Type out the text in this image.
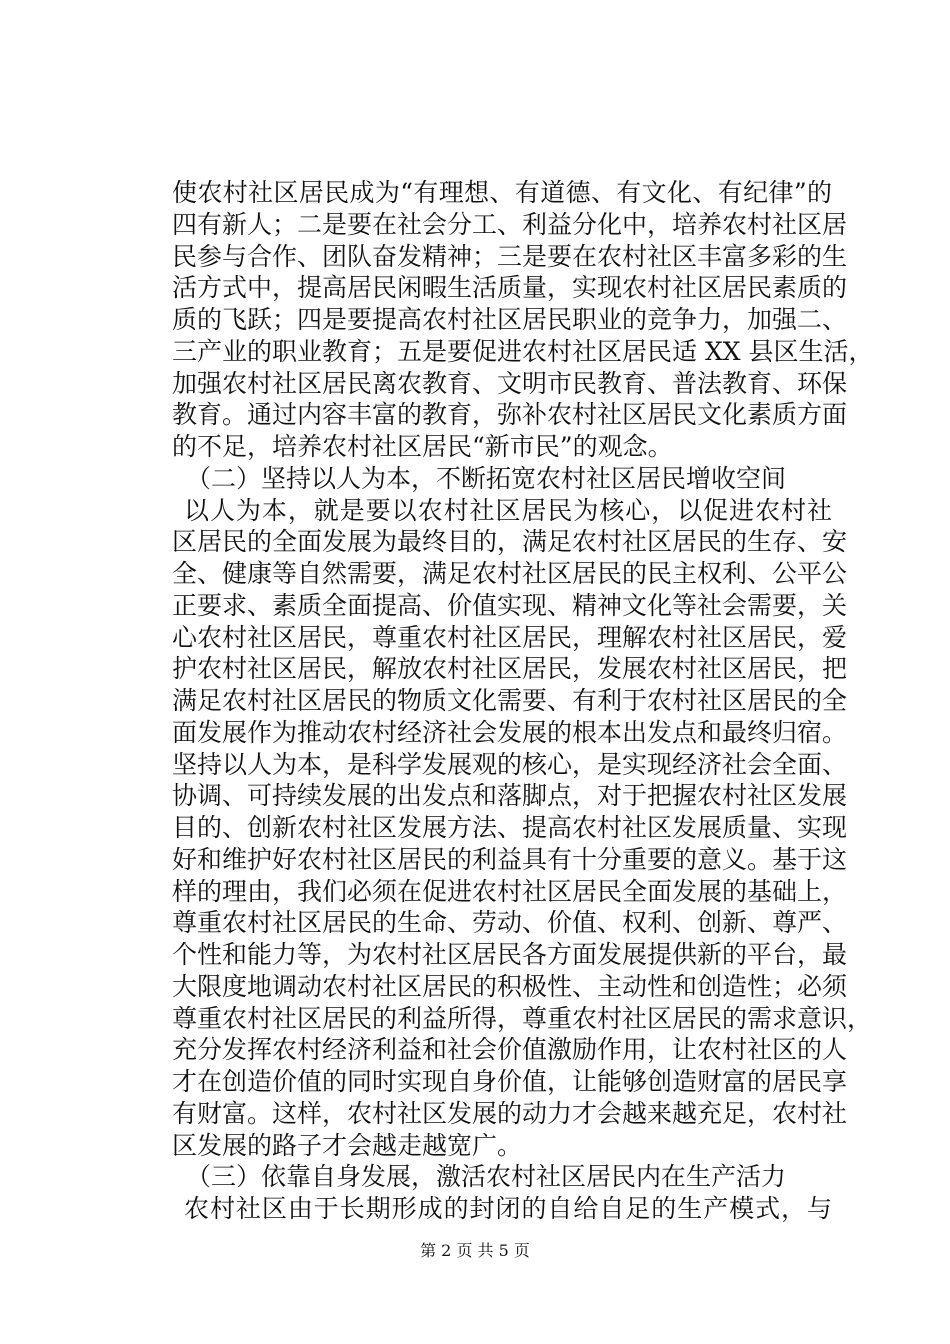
使农村社区居民成为“有理想、有道德、有文化、有纪律”的
四有新人；二是要在社会分工、利益分化中，培养农村社区居
民参与合作、团队奋发精神；三是要在农村社区丰富多彩的生
活方式中，提高居民闲暇生活质量，实现农村社区居民素质的
质的飞跃；四是要提高农村社区居民职业的竞争力，加强二、
三产业的职业教育；五是要促进农村社区居民适 XX 县区生活，
加强农村社区居民离农教育、文明市民教育、普法教育、环保
教育。通过内容丰富的教育，弥补农村社区居民文化素质方面
的不足，培养农村社区居民“新市民”的观念。
（二）坚持以人为本，不断拓宽农村社区居民增收空间
以人为本，就是要以农村社区居民为核心，以促进农村社
区居民的全面发展为最终目的，满足农村社区居民的生存、安
全、健康等自然需要，满足农村社区居民的民主权利、公平公
正要求、素质全面提高、价值实现、精神文化等社会需要，关
心农村社区居民，尊重农村社区居民，理解农村社区居民，爱
护农村社区居民，解放农村社区居民，发展农村社区居民，把
满足农村社区居民的物质文化需要、有利于农村社区居民的全
面发展作为推动农村经济社会发展的根本出发点和最终归宿。
坚持以人为本，是科学发展观的核心，是实现经济社会全面、
协调、可持续发展的出发点和落脚点，对于把握农村社区发展
目的、创新农村社区发展方法、提高农村社区发展质量、实现
好和维护好农村社区居民的利益具有十分重要的意义。基于这
样的理由，我们必须在促进农村社区居民全面发展的基础上，
尊重农村社区居民的生命、劳动、价值、权利、创新、尊严、
个性和能力等，为农村社区居民各方面发展提供新的平台，最
大限度地调动农村社区居民的积极性、主动性和创造性；必须
尊重农村社区居民的利益所得，尊重农村社区居民的需求意识，
充分发挥农村经济利益和社会价值激励作用，让农村社区的人
才在创造价值的同时实现自身价值，让能够创造财富的居民享
有财富。这样，农村社区发展的动力才会越来越充足，农村社
区发展的路子才会越走越宽广。
（三）依靠自身发展，激活农村社区居民内在生产活力
农村社区由于长期形成的封闭的自给自足的生产模式，与
第 2 页 共 5 页
